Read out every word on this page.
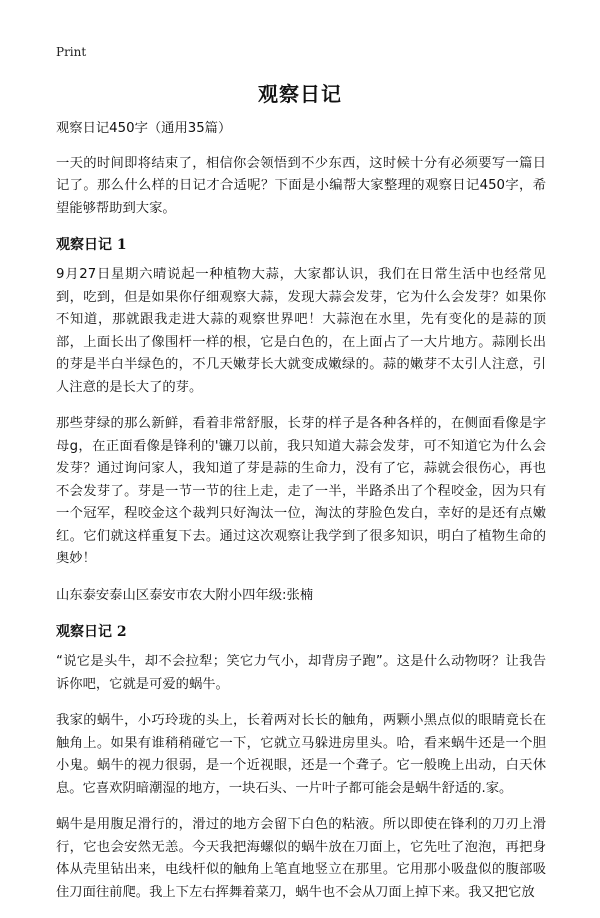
Print
观察日记

观察日记450字（通用35篇）

一天的时间即将结束了，相信你会领悟到不少东西，这时候十分有必须要写一篇日记了。那么什么样的日记才合适呢？下面是小编帮大家整理的观察日记450字，希望能够帮助到大家。

观察日记 1

9月27日星期六晴说起一种植物大蒜，大家都认识，我们在日常生活中也经常见到，吃到，但是如果你仔细观察大蒜，发现大蒜会发芽，它为什么会发芽？如果你不知道，那就跟我走进大蒜的观察世界吧！大蒜泡在水里，先有变化的是蒜的顶部，上面长出了像围杆一样的根，它是白色的，在上面占了一大片地方。蒜刚长出的芽是半白半绿色的，不几天嫩芽长大就变成嫩绿的。蒜的嫩芽不太引人注意，引人注意的是长大了的芽。

那些芽绿的那么新鲜，看着非常舒服，长芽的样子是各种各样的，在侧面看像是字母g，在正面看像是锋利的'镰刀以前，我只知道大蒜会发芽，可不知道它为什么会发芽？通过询问家人，我知道了芽是蒜的生命力，没有了它，蒜就会很伤心，再也不会发芽了。芽是一节一节的往上走，走了一半，半路杀出了个程咬金，因为只有一个冠军，程咬金这个裁判只好淘汰一位，淘汰的芽脸色发白，幸好的是还有点嫩红。它们就这样重复下去。通过这次观察让我学到了很多知识，明白了植物生命的奥妙！

山东泰安泰山区泰安市农大附小四年级:张楠

观察日记 2

“说它是头牛，却不会拉犁；笑它力气小，却背房子跑”。这是什么动物呀？让我告诉你吧，它就是可爱的蜗牛。

我家的蜗牛，小巧玲珑的头上，长着两对长长的触角，两颗小黑点似的眼睛竟长在触角上。如果有谁稍稍碰它一下，它就立马躲进房里头。哈，看来蜗牛还是一个胆小鬼。蜗牛的视力很弱，是一个近视眼，还是一个聋子。它一般晚上出动，白天休息。它喜欢阴暗潮湿的地方，一块石头、一片叶子都可能会是蜗牛舒适的.家。

蜗牛是用腹足滑行的，滑过的地方会留下白色的粘液。所以即使在锋利的刀刃上滑行，它也会安然无恙。今天我把海螺似的蜗牛放在刀面上，它先吐了泡泡，再把身体从壳里钻出来，电线杆似的触角上笔直地竖立在那里。它用那小吸盘似的腹部吸住刀面往前爬。我上下左右挥舞着菜刀，蜗牛也不会从刀面上掉下来。我又把它放
